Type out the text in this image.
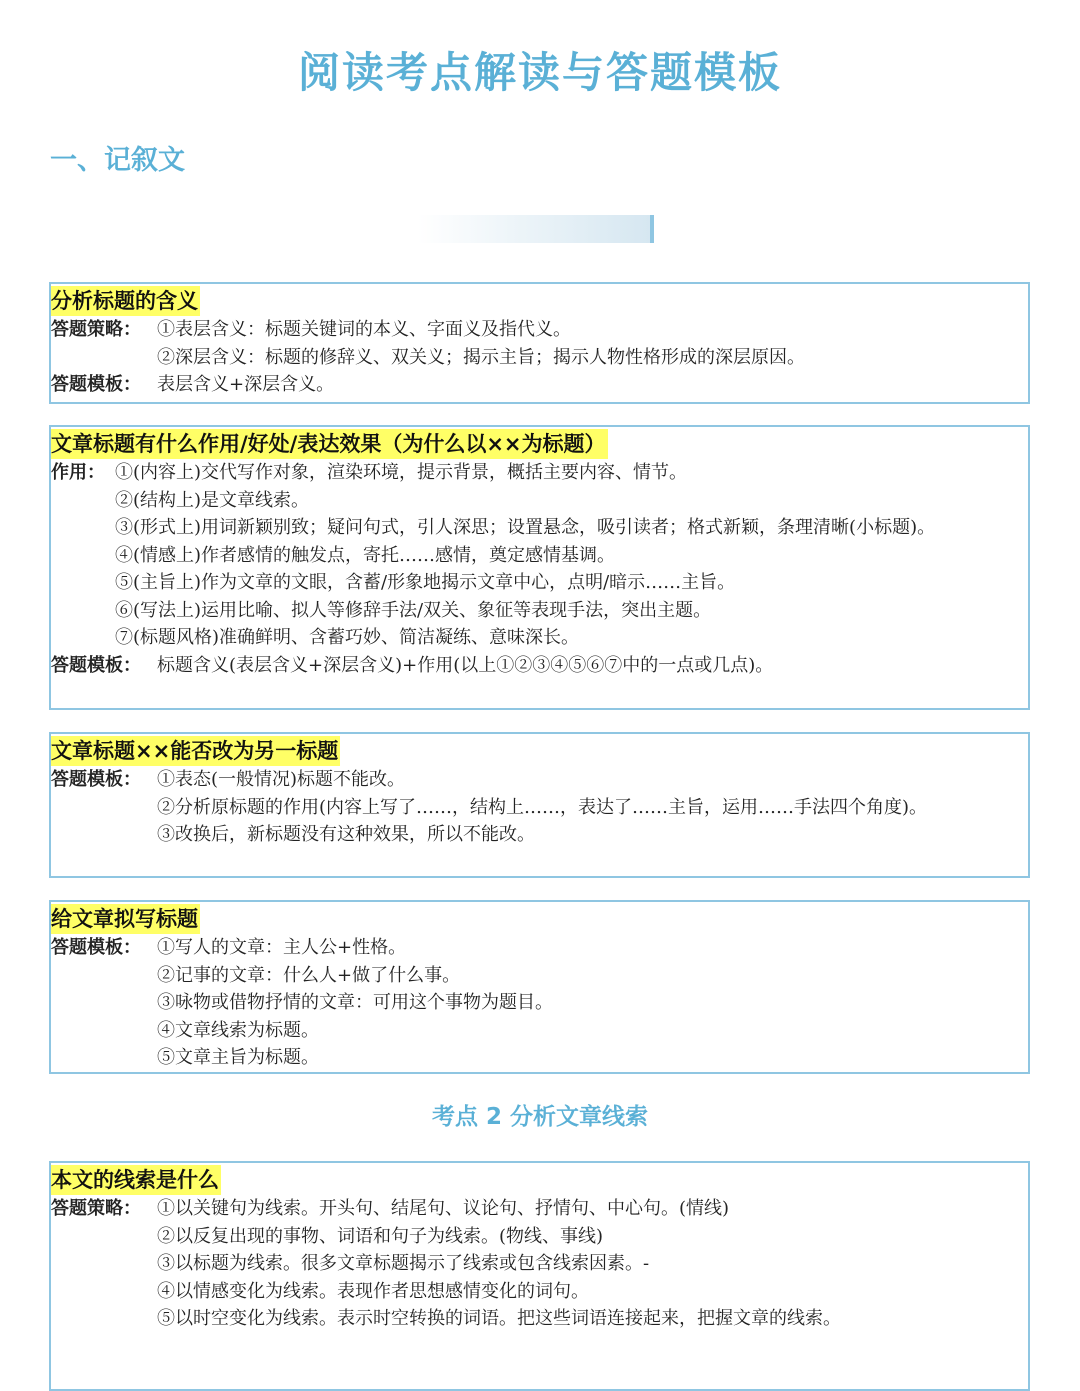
阅读考点解读与答题模板
一、记叙文
分析标题的含义
答题策略： ①表层含义：标题关键词的本义、字面义及指代义。
②深层含义：标题的修辞义、双关义；揭示主旨；揭示人物性格形成的深层原因。
答题模板： 表层含义+深层含义。
文章标题有什么作用/好处/表达效果（为什么以××为标题）
作用： ①(内容上)交代写作对象，渲染环境，提示背景，概括主要内容、情节。
②(结构上)是文章线索。
③(形式上)用词新颖别致；疑问句式，引人深思；设置悬念，吸引读者；格式新颖，条理清晰(小标题)。
④(情感上)作者感情的触发点，寄托……感情，奠定感情基调。
⑤(主旨上)作为文章的文眼，含蓄/形象地揭示文章中心，点明/暗示……主旨。
⑥(写法上)运用比喻、拟人等修辞手法/双关、象征等表现手法，突出主题。
⑦(标题风格)准确鲜明、含蓄巧妙、简洁凝练、意味深长。
答题模板： 标题含义(表层含义+深层含义)+作用(以上①②③④⑤⑥⑦中的一点或几点)。
文章标题××能否改为另一标题
答题模板： ①表态(一般情况)标题不能改。
②分析原标题的作用(内容上写了……，结构上……，表达了……主旨，运用……手法四个角度)。
③改换后，新标题没有这种效果，所以不能改。
给文章拟写标题
答题模板： ①写人的文章：主人公+性格。
②记事的文章：什么人+做了什么事。
③咏物或借物抒情的文章：可用这个事物为题目。
④文章线索为标题。
⑤文章主旨为标题。
考点 2 分析文章线索
本文的线索是什么
答题策略： ①以关键句为线索。开头句、结尾句、议论句、抒情句、中心句。(情线)
②以反复出现的事物、词语和句子为线索。(物线、事线)
③以标题为线索。很多文章标题揭示了线索或包含线索因素。-
④以情感变化为线索。表现作者思想感情变化的词句。
⑤以时空变化为线索。表示时空转换的词语。把这些词语连接起来，把握文章的线索。
